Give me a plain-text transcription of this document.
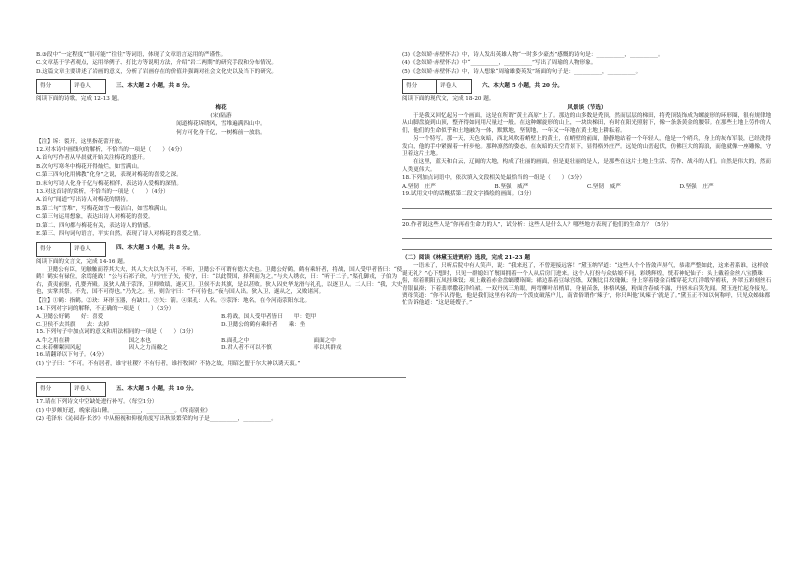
B.③段中“一定程度”“很可能”“往往”等词语，体现了文章语言运用的严谨性。

C.文章基于学者观点，运用举例子、打比方等说明方法，介绍“岩二两期”的研究手段和分布情况。

D.这篇文章主要讲述了岩画的意义，分析了岩画存在的价值并强调对社会文化史以及当下的研究。

得分	评卷人	三、本大题 2 小题，共 8 分。

阅读下面的诗歌，完成 12-13 题。

梅花

(宋)陆游

闻道梅花坼晓风，雪堆遍满四山中。

何方可化身千亿，一树梅前一放翁。

【注】坼：裂开，这里指花蕾开放。

12.对本诗中画线句的解析，不恰当的一项是（　　）（4分）

A.首句写作者从早晨就开始关注梅花的盛开。

B.次句写寒冬中梅花开得灿烂，如雪满山。

C.第三四句化用佛教“化身”之说，表现对梅花的喜爱之深。

D.末句写诗人化身千亿与梅花相伴，表达诗人爱梅的深情。

13.对这首诗的赏析，不恰当的一项是（　　）（4分）

A.首句“闻道”写出诗人对梅花的期待。

B.第二句“雪堆”，写梅花如雪一般洁白，如雪堆满山。

C.第三句运用想象，表达出诗人对梅花的喜爱。

D.第二、四句都与梅花有关，表达诗人的情感。

E.第三、四句词句语言，平实自然，表现了诗人对梅花的喜爱之情。

得分	评卷人	四、本大题 3 小题，共 8 分。

阅读下面的文言文，完成 14-16 题。

卫懿公有臣，见触触而荐其大夫，其人大夫以为不可，不听，卫懿公不可谓有德大夫也。卫懿公好鹤，鹤有乘轩者，将战，国人受甲者皆曰：“使鹤！鹤实有禄位，余焉能战！”公与石祁子玦，与宁庄子矢，使守，曰：“以此赞国，择利而为之。”与夫人绣衣，曰：“听于二子。”渠孔御戎，子伯为右，黄夷前驱，孔婴齐殿。及狄人战于荥泽，卫师败绩，遂灭卫。卫侯不去其旗，是以甚败。狄人囚史华龙滑与礼孔，以逐卫人。二人曰：“我，大史也，实掌其祭。不先，国不可得也。”乃先之。至，则告守曰：“不可待也。”夜与国人出。狄入卫，遂从之，又败诸河。

【注】①鹤：指鹤。②玦：环形玉器，有缺口。③矢：箭。④渠孔：人名。⑤荥泽：地名，在今河南荥阳东北。

14.下列对字词的解释，不正确的一项是（　　）（3分）

A.卫懿公好鹤　　好：喜爱	B.将战，国人受甲者皆曰　　甲：铠甲
C.卫侯不去其旗　　去：去掉	D.卫懿公的鹤有乘轩者　　乘：坐

15.下列句子中加点词的意义和用法相同的一项是（　　）（3分）

A.牛之用在耕	国之本也	B.面孔之中	面面之中
C.未若柳絮因风起	因人之力而敝之	D.君人者不可以不慎	率以其群戎

16.请翻译以下句子。（4分）

(1) 宁子曰：“不可。不有居者，谁守社稷？不有行者，谁扞牧圉？不协之故，用昭乞盟于尔大神以诱天衷。”

得分	评卷人	五、本大题 5 小题，共 10 分。

17.请在下列诗文中空缺处进行补写。（每空1分）

(1) 中岁颇好道，晚家南山陲。__________，__________。《终南别业》

(2) 毛泽东《沁园春·长沙》中从俯视和仰视角度写出秋景繁荣的句子是__________，__________。

(3)《念奴娇·赤壁怀古》中，诗人发出英雄人物“一时多少豪杰”感慨的诗句是：__________，__________。

(4)《念奴娇·赤壁怀古》中“__________，__________”写出了周瑜的人物形象。

(5)《念奴娇·赤壁怀古》中，诗人想象“周瑜雄姿英发”场面的句子是：__________，__________。

得分	评卷人	六、本大题 5 小题，共 20 分。

阅读下面的现代文，完成 18-20 题。

风景谈（节选）

于是我又回忆起另一个画面，这是在所谓“黄土高原”上了。那边的山多数是秃顶，然而层层的梯田，将秃顶装饰成为螺旋形的环形圈，很有规律地从山脚盘旋到山顶，整齐得如同用尺量过一般。在这种螺旋形的山上，一块块梯田，有时在阳光照射下，像一条条黄金的腰带。在那些土地上劳作的人们，他们的生命似乎和土地融为一体，默默地，坚韧地，一年又一年地在黄土地上耕耘着。

另一个特写。那一天，天色灰暗，西北风吹着峭壁上的黄土，在峭壁的前面，静静地站着一个年轻人，他是一个哨兵，身上的灰布军装，已经洗得发白，他的手中紧握着一杆步枪。那种凛然的姿态，在灰暗的天空背景下，显得格外庄严。远处的山峦起伏，仿佛巨大的海浪，而他就像一座雕像，守卫着这片土地。

在这里，蓝天和白云，辽阔的大地，构成了壮丽的画面，但是更壮丽的是人，是那些在这片土地上生活、劳作、战斗的人们。自然是伟大的，然而人类更伟大。

18.下列加点词语中，依次填入文段相关处最恰当的一组是（　　）（3分）

A.坚韧　庄严	B.坚强　威严	C.坚韧　威严	D.坚强　庄严

19.试用文中的话概括第二段文字描绘的画面。（3分）

20.作者说这些人是“你再看生命力的人”，试分析：这些人是什么人？哪些地方表现了他们的生命力？（5分）

（二）阅读《林黛玉进贾府》选段，完成 21-23 题

一语未了，只听后院中有人笑声，说：“我来迟了，不曾迎接远客！”黛玉纳罕道：“这些人个个皆敛声屏气，恭肃严整如此，这来者系谁，这样放诞无礼？”心下想时，只见一群媳妇丫鬟围拥着一个人从后房门进来。这个人打扮与众姑娘不同，彩绣辉煌，恍若神妃仙子：头上戴着金丝八宝攒珠髻，绾着朝阳五凤挂珠钗；项上戴着赤金盘螭璎珞圈；裙边系着豆绿宫绦，双衡比目玫瑰佩；身上穿着缕金百蝶穿花大红洋缎窄褃袄，外罩五彩刻丝石青银鼠褂；下着翡翠撒花洋绉裙。一双丹凤三角眼，两弯柳叶吊梢眉，身量苗条，体格风骚，粉面含春威不露，丹唇未启笑先闻。黛玉连忙起身接见。贾母笑道：“你不认得他，他是我们这里有名的一个泼皮破落户儿，南省俗谓作‘辣子’，你只叫他‘凤辣子’就是了。”黛玉正不知以何称呼，只见众姊妹都忙告诉他道：“这是琏嫂子。”
